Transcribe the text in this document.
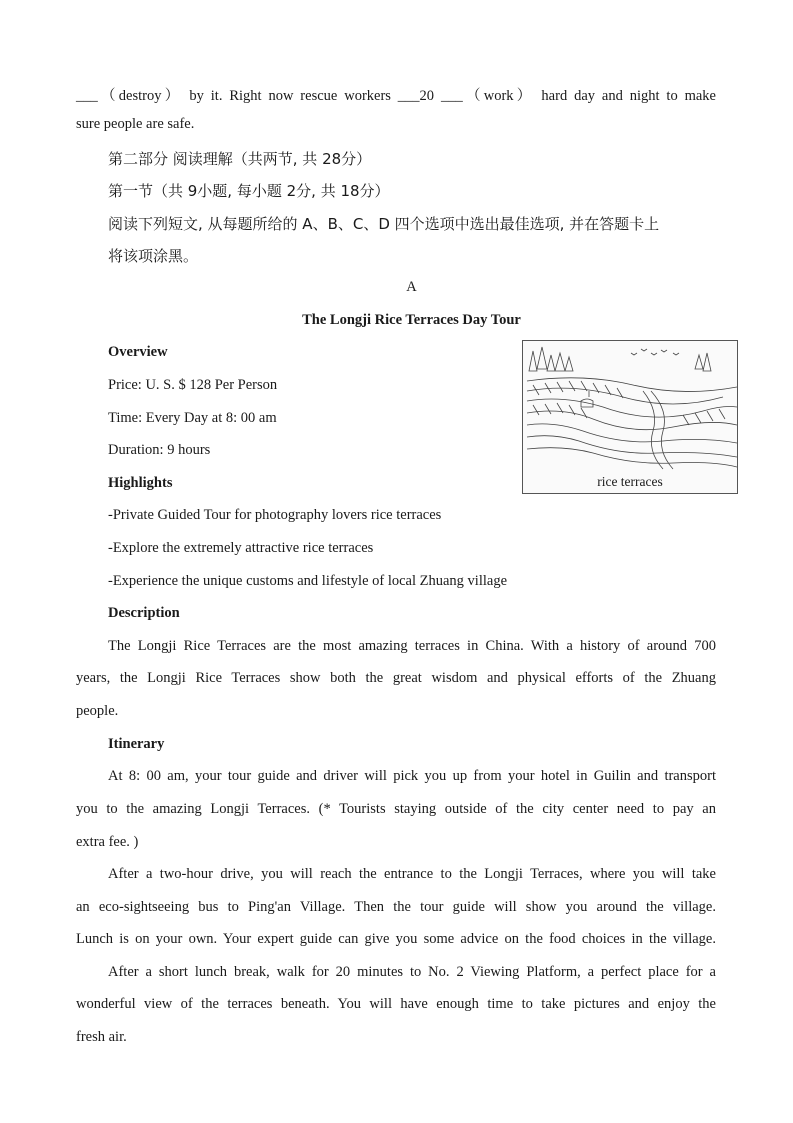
___（destroy） by it. Right now rescue workers ___20 ___（work） hard day and night to make
sure people are safe.
第二部分 阅读理解（共两节, 共 28分）
第一节（共 9小题, 每小题 2分, 共 18分）
阅读下列短文, 从每题所给的 A、B、C、D 四个选项中选出最佳选项, 并在答题卡上
将该项涂黑。
A
The Longji Rice Terraces Day Tour
Overview
Price: U. S. $ 128 Per Person
Time: Every Day at 8: 00 am
Duration: 9 hours
rice terraces
Highlights
-Private Guided Tour for photography lovers rice terraces
-Explore the extremely attractive rice terraces
-Experience the unique customs and lifestyle of local Zhuang village
Description
The Longji Rice Terraces are the most amazing terraces in China. With a history of around 700
years, the Longji Rice Terraces show both the great wisdom and physical efforts of the Zhuang
people.
Itinerary
At 8: 00 am, your tour guide and driver will pick you up from your hotel in Guilin and transport
you to the amazing Longji Terraces. (* Tourists staying outside of the city center need to pay an
extra fee. )
After a two-hour drive, you will reach the entrance to the Longji Terraces, where you will take
an eco-sightseeing bus to Ping'an Village. Then the tour guide will show you around the village.
Lunch is on your own. Your expert guide can give you some advice on the food choices in the village.
After a short lunch break, walk for 20 minutes to No. 2 Viewing Platform, a perfect place for a
wonderful view of the terraces beneath. You will have enough time to take pictures and enjoy the
fresh air.
